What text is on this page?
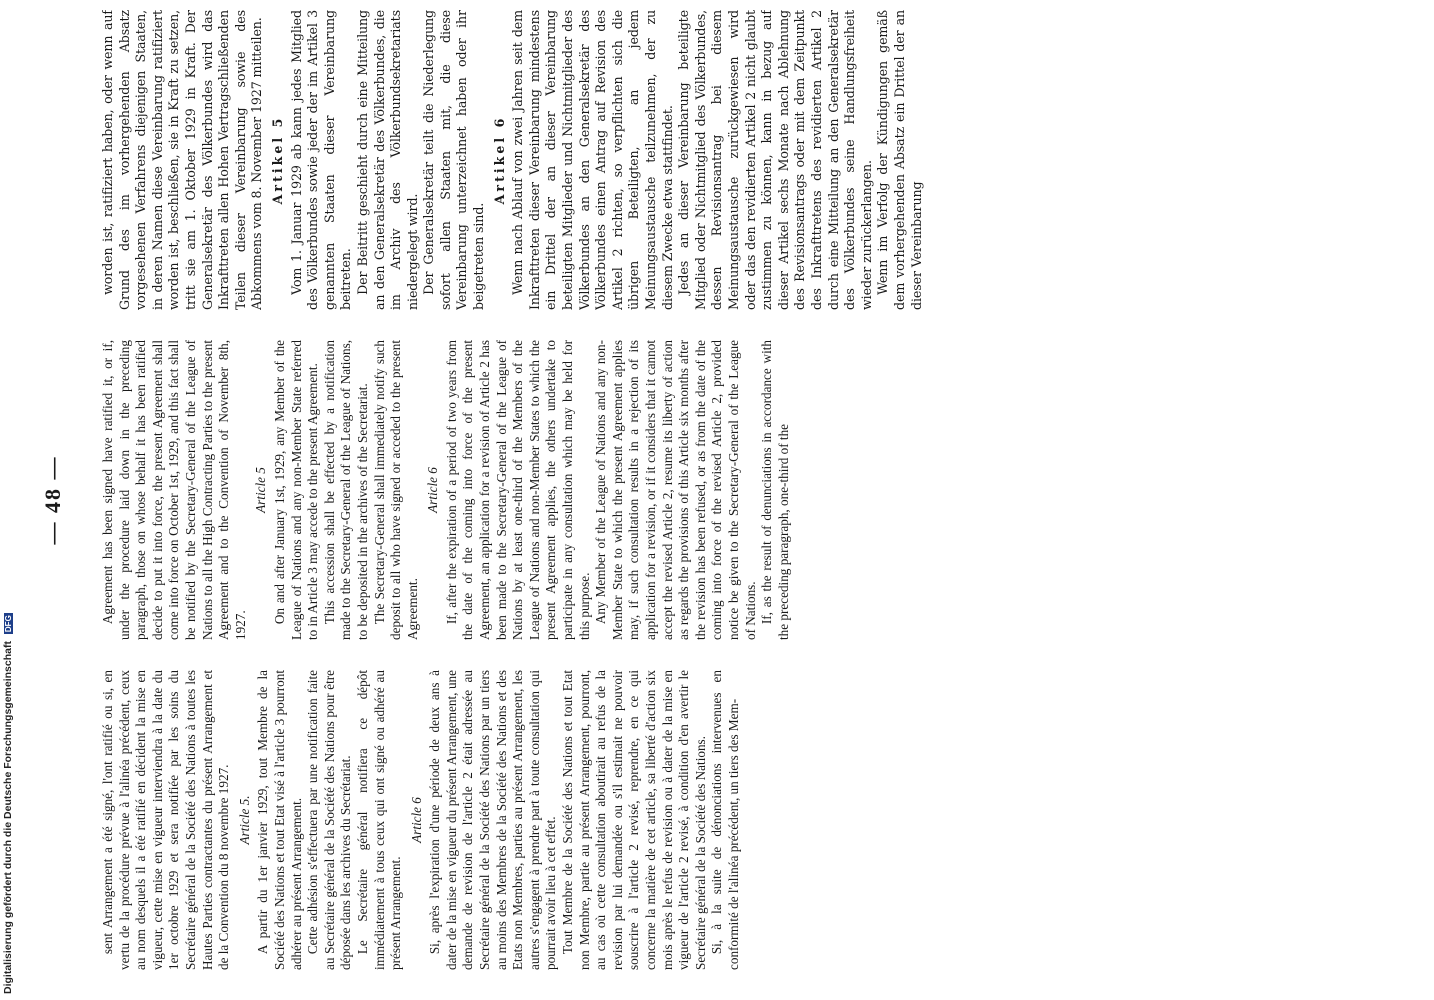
— 48 —

sent Arrangement a été signé, l'ont ratifié ou si, en vertu de la procédure prévue à l'alinéa précédent, ceux au nom desquels il a été ratifié en décident la mise en vigueur, cette mise en vigueur interviendra à la date du 1er octobre 1929 et sera notifiée par les soins du Secrétaire général de la Société des Nations à toutes les Hautes Parties contractantes du présent Arrangement et de la Convention du 8 novembre 1927. Article 5. A partir du 1er janvier 1929, tout Membre de la Société des Nations et tout Etat visé à l'article 3 pourront adhérer au présent Arrangement. Cette adhésion s'effectuera par une notification faite au Secrétaire général de la Société des Nations pour être déposée dans les archives du Secrétariat. Le Secrétaire général notifiera ce dépôt immédiatement à tous ceux qui ont signé ou adhéré au présent Arrangement.

Article 6 Si, après l'expiration d'une période de deux ans à dater de la mise en vigueur du présent Arrangement, une demande de revision de l'article 2 était adressée au Secrétaire général de la Société des Nations par un tiers au moins des Membres de la Société des Nations et des Etats non Membres, parties au présent Arrangement, les autres s'engagent à prendre part à toute consultation qui pourrait avoir lieu à cet effet. Tout Membre de la Société des Nations et tout Etat non Membre, partie au présent Arrangement, pourront, au cas où cette consultation aboutirait au refus de la revision par lui demandée ou s'il estimait ne pouvoir souscrire à l'article 2 revisé, reprendre, en ce qui concerne la matière de cet article, sa liberté d'action six mois après le refus de revision ou à dater de la mise en vigueur de l'article 2 revisé, à condition d'en avertir le Secrétaire général de la Société des Nations. Si, à la suite de dénonciations intervenues en conformité de l'alinéa précédent, un tiers des Mem-

Agreement has been signed have ratified it, or if, under the procedure laid down in the preceding paragraph, those on whose behalf it has been ratified decide to put it into force, the present Agreement shall come into force on October 1st, 1929, and this fact shall be notified by the Secretary-General of the League of Nations to all the High Contracting Parties to the present Agreement and to the Convention of November 8th, 1927.

Article 5 On and after January 1st, 1929, any Member of the League of Nations and any non-Member State referred to in Article 3 may accede to the present Agreement. This accession shall be effected by a notification made to the Secretary-General of the League of Nations, to be deposited in the archives of the Secretariat. The Secretary-General shall immediately notify such deposit to all who have signed or acceded to the present Agreement.

Article 6 If, after the expiration of a period of two years from the date of the coming into force of the present Agreement, an application for a revision of Article 2 has been made to the Secretary-General of the League of Nations by at least one-third of the Members of the League of Nations and non-Member States to which the present Agreement applies, the others undertake to participate in any consultation which may be held for this purpose. Any Member of the League of Nations and any non-Member State to which the present Agreement applies may, if such consultation results in a rejection of its application for a revision, or if it considers that it cannot accept the revised Article 2, resume its liberty of action as regards the provisions of this Article six months after the revision has been refused, or as from the date of the coming into force of the revised Article 2, provided notice be given to the Secretary-General of the League of Nations. If, as the result of denunciations in accordance with the preceding paragraph, one-third of the

worden ist, ratifiziert haben, oder wenn auf Grund des im vorhergehenden Absatz vorgesehenen Verfahrens diejenigen Staaten, in deren Namen diese Vereinbarung ratifiziert worden ist, beschließen, sie in Kraft zu setzen, tritt sie am 1. Oktober 1929 in Kraft. Der Generalsekretär des Völkerbundes wird das Inkrafttreten allen Hohen Vertragschließenden Teilen dieser Vereinbarung sowie des Abkommens vom 8. November 1927 mitteilen. Artikel 5 Vom 1. Januar 1929 ab kann jedes Mitglied des Völkerbundes sowie jeder der im Artikel 3 genannten Staaten dieser Vereinbarung beitreten. Der Beitritt geschieht durch eine Mitteilung an den Generalsekretär des Völkerbundes, die im Archiv des Völkerbundsekretariats niedergelegt wird. Der Generalsekretär teilt die Niederlegung sofort allen Staaten mit, die diese Vereinbarung unterzeichnet haben oder ihr beigetreten sind.

Artikel 6 Wenn nach Ablauf von zwei Jahren seit dem Inkrafttreten dieser Vereinbarung mindestens ein Drittel der an dieser Vereinbarung beteiligten Mitglieder und Nichtmitglieder des Völkerbundes an den Generalsekretär des Völkerbundes einen Antrag auf Revision des Artikel 2 richten, so verpflichten sich die übrigen Beteiligten, an jedem Meinungsaustausche teilzunehmen, der zu diesem Zwecke etwa stattfindet. Jedes an dieser Vereinbarung beteiligte Mitglied oder Nichtmitglied des Völkerbundes, dessen Revisionsantrag bei diesem Meinungsaustausche zurückgewiesen wird oder das den revidierten Artikel 2 nicht glaubt zustimmen zu können, kann in bezug auf dieser Artikel sechs Monate nach Ablehnung des Revisionsantrags oder mit dem Zeitpunkt des Inkrafttretens des revidierten Artikel 2 durch eine Mitteilung an den Generalsekretär des Völkerbundes seine Handlungsfreiheit wieder zurückerlangen. Wenn im Verfolg der Kündigungen gemäß dem vorhergehenden Absatz ein Drittel der an dieser Vereinbarung

Digitalisierung gefördert durch die Deutsche Forschungsgemeinschaft DFG
